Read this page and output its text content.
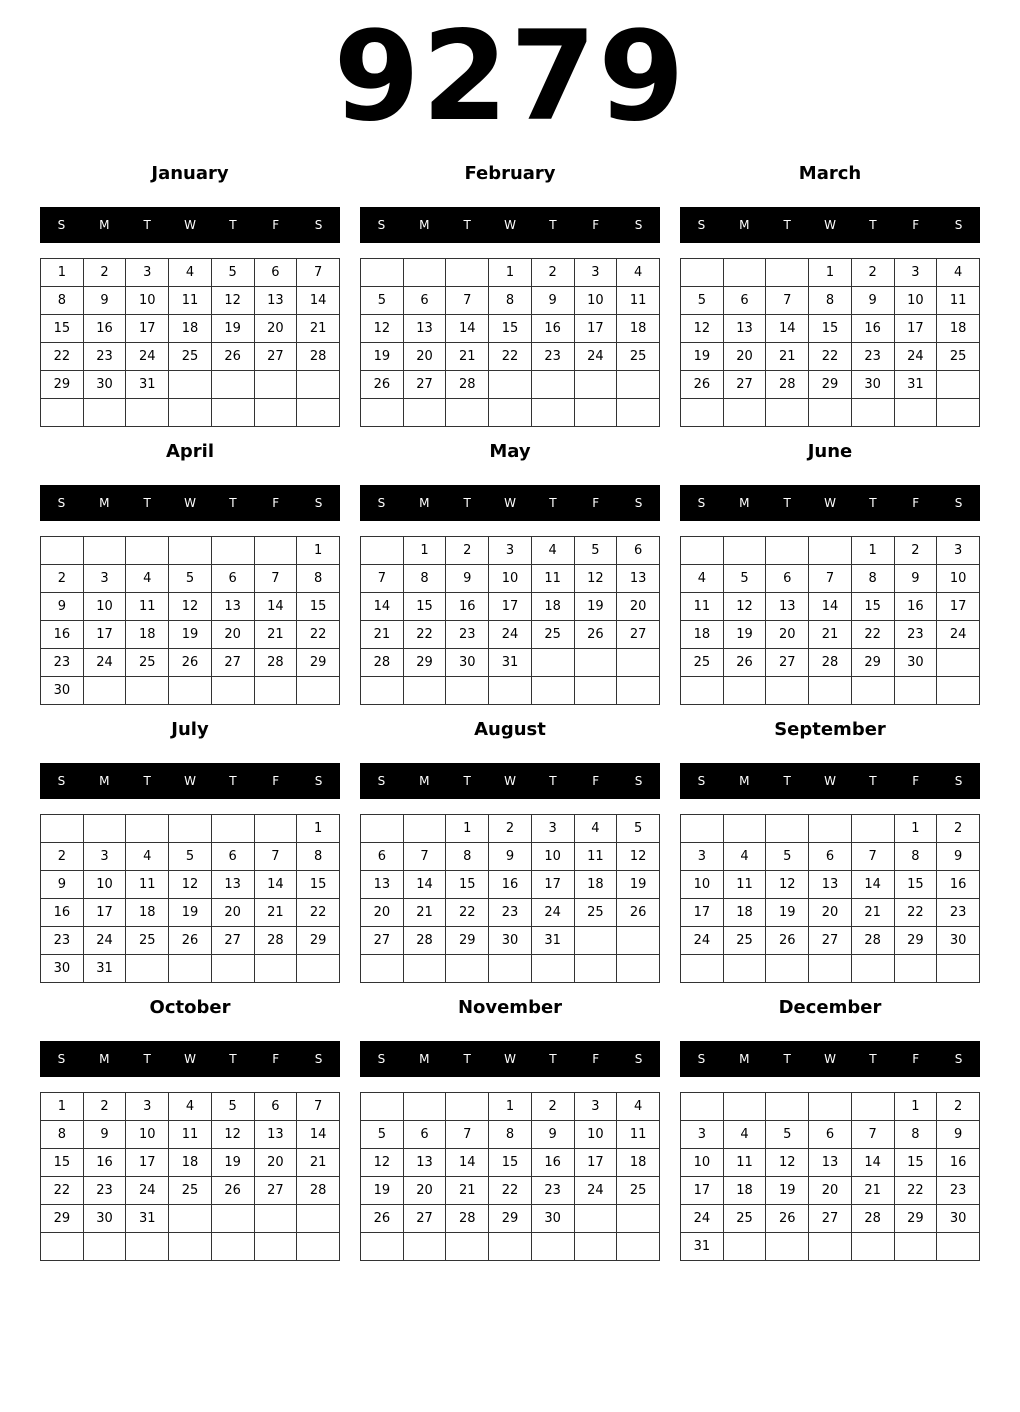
9279
January
S	M	T	W	T	F	S
1	2	3	4	5	6	7
8	9	10	11	12	13	14
15	16	17	18	19	20	21
22	23	24	25	26	27	28
29	30	31				

February
S	M	T	W	T	F	S
			1	2	3	4
5	6	7	8	9	10	11
12	13	14	15	16	17	18
19	20	21	22	23	24	25
26	27	28				

March
S	M	T	W	T	F	S
			1	2	3	4
5	6	7	8	9	10	11
12	13	14	15	16	17	18
19	20	21	22	23	24	25
26	27	28	29	30	31	

April
S	M	T	W	T	F	S
						1
2	3	4	5	6	7	8
9	10	11	12	13	14	15
16	17	18	19	20	21	22
23	24	25	26	27	28	29
30						
May
S	M	T	W	T	F	S
	1	2	3	4	5	6
7	8	9	10	11	12	13
14	15	16	17	18	19	20
21	22	23	24	25	26	27
28	29	30	31			

June
S	M	T	W	T	F	S
				1	2	3
4	5	6	7	8	9	10
11	12	13	14	15	16	17
18	19	20	21	22	23	24
25	26	27	28	29	30	

July
S	M	T	W	T	F	S
						1
2	3	4	5	6	7	8
9	10	11	12	13	14	15
16	17	18	19	20	21	22
23	24	25	26	27	28	29
30	31					
August
S	M	T	W	T	F	S
		1	2	3	4	5
6	7	8	9	10	11	12
13	14	15	16	17	18	19
20	21	22	23	24	25	26
27	28	29	30	31		

September
S	M	T	W	T	F	S
					1	2
3	4	5	6	7	8	9
10	11	12	13	14	15	16
17	18	19	20	21	22	23
24	25	26	27	28	29	30

October
S	M	T	W	T	F	S
1	2	3	4	5	6	7
8	9	10	11	12	13	14
15	16	17	18	19	20	21
22	23	24	25	26	27	28
29	30	31				

November
S	M	T	W	T	F	S
			1	2	3	4
5	6	7	8	9	10	11
12	13	14	15	16	17	18
19	20	21	22	23	24	25
26	27	28	29	30		

December
S	M	T	W	T	F	S
					1	2
3	4	5	6	7	8	9
10	11	12	13	14	15	16
17	18	19	20	21	22	23
24	25	26	27	28	29	30
31						
